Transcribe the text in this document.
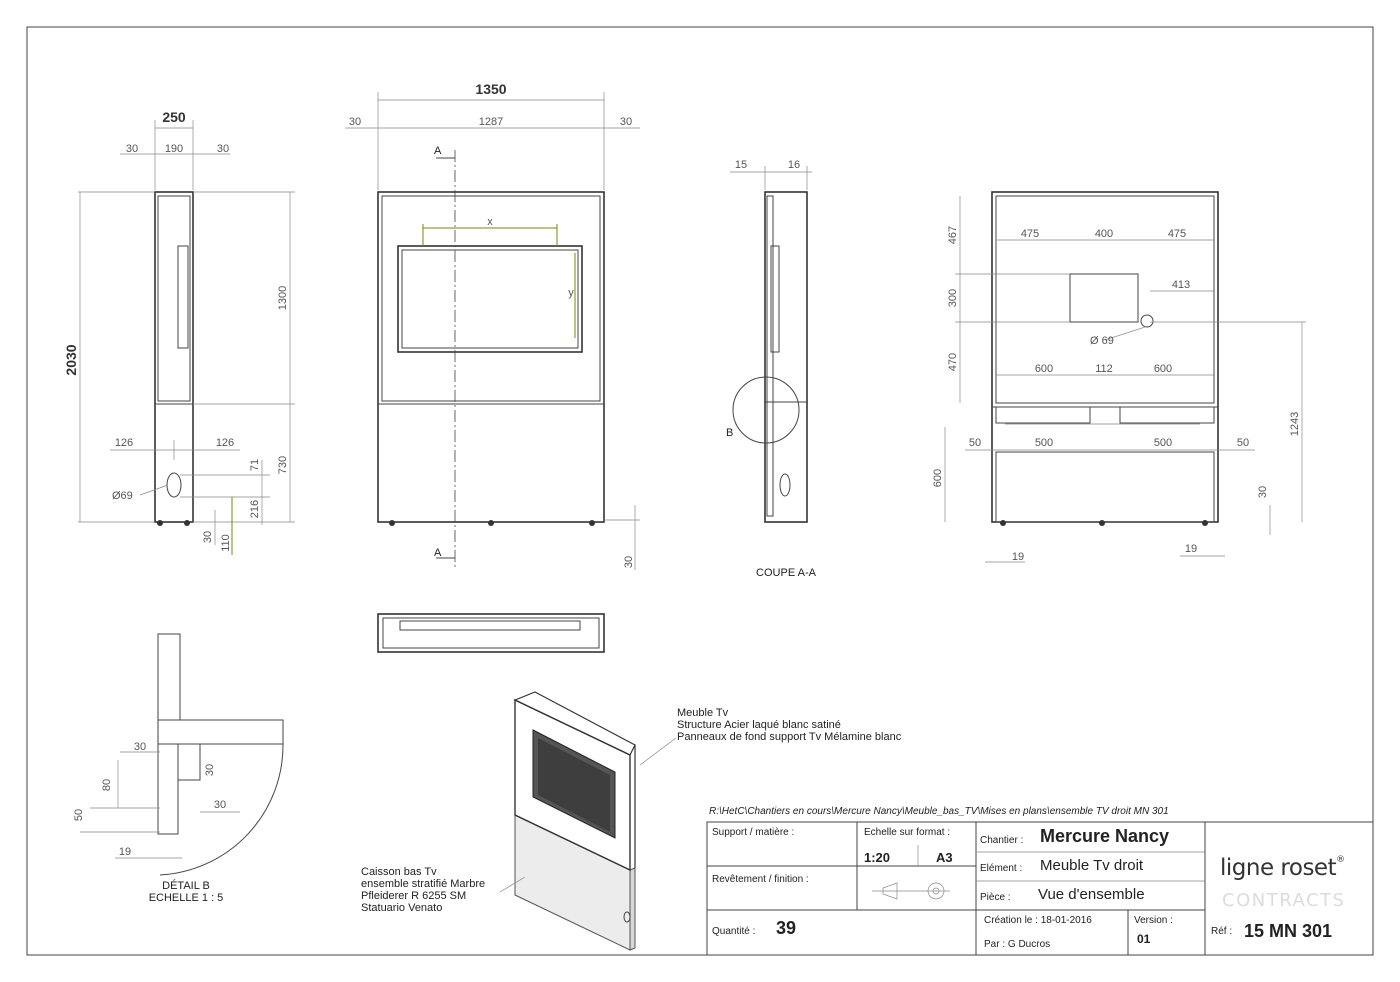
250
30 190	30
2030
1300
730
126	126
Ø69
71
216
30 110
1350
1287
30	30
x
y
A
A
30
15	16
B
COUPE A-A
475	400	475
600	112	600
50	500	500	50
467
300
470
600
1243
30
413
Ø 69
19
19
30
30
30
80
50
19
DÉTAIL B
ECHELLE 1 : 5
Meuble Tv
Structure Acier laqué blanc satiné
Panneaux de fond support Tv Mélamine blanc
Caisson bas Tv
ensemble stratifié Marbre
Pfleiderer R 6255 SM
Statuario Venato
R:\HetC\Chantiers en cours\Mercure Nancy\Meuble_bas_TV\Mises en plans\ensemble TV droit MN 301
Support / matière :	Echelle sur format :
1:20	A3
Revêtement / finition :
Quantité : 39
Chantier : Mercure Nancy
Elément : Meuble Tv droit
Pièce : Vue d'ensemble
Création le : 18-01-2016
Par : G Ducros
Version :
01
Réf : 15 MN 301
ligne roset®
CONTRACTS
